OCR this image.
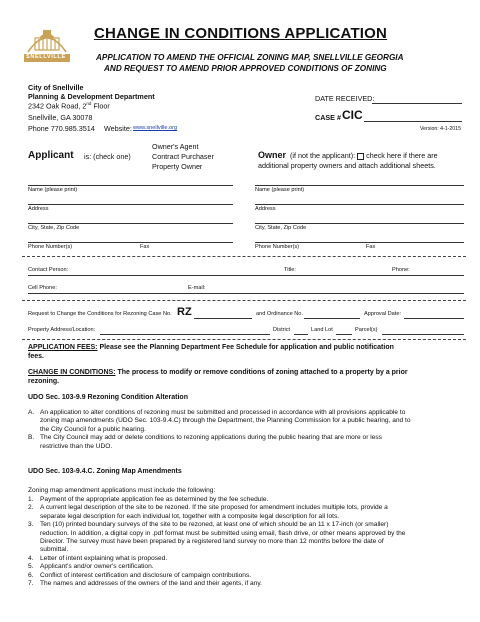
SNELLVILLE
CHANGE IN CONDITIONS APPLICATION
APPLICATION TO AMEND THE OFFICIAL ZONING MAP, SNELLVILLE GEORGIA
AND REQUEST TO AMEND PRIOR APPROVED CONDITIONS OF ZONING
City of Snellville
Planning & Development Department
2342 Oak Road, 2nd Floor
Snellville, GA 30078
Phone 770.985.3514 Website: www.snellville.org
DATE RECEIVED:
CASE # CIC
Version: 4-1-2015
Applicant is: (check one)
Owner's Agent
Contract Purchaser
Property Owner
Owner (if not the applicant): check here if there are
additional property owners and attach additional sheets.
Name (please print)
Address
City, State, Zip Code
Phone Number(s)	Fax
Name (please print)
Address
City, State, Zip Code
Phone Number(s)	Fax
Contact Person:	Title:	Phone:
Cell Phone:	E-mail:
Request to Change the Conditions for Rezoning Case No. RZ	and Ordinance No.	Approval Date:
Property Address/Location:	District	Land Lot	Parcel(s)
APPLICATION FEES: Please see the Planning Department Fee Schedule for application and public notification
fees.
CHANGE IN CONDITIONS: The process to modify or remove conditions of zoning attached to a property by a prior
rezoning.
UDO Sec. 103-9.9 Rezoning Condition Alteration
A. An application to alter conditions of rezoning must be submitted and processed in accordance with all provisions applicable to
zoning map amendments (UDO Sec. 103-9.4.C) through the Department, the Planning Commission for a public hearing, and to
the City Council for a public hearing.
B. The City Council may add or delete conditions to rezoning applications during the public hearing that are more or less
restrictive than the UDO.
UDO Sec. 103-9.4.C. Zoning Map Amendments
Zoning map amendment applications must include the following:
1. Payment of the appropriate application fee as determined by the fee schedule.
2. A current legal description of the site to be rezoned. If the site proposed for amendment includes multiple lots, provide a
separate legal description for each individual lot, together with a composite legal description for all lots.
3. Ten (10) printed boundary surveys of the site to be rezoned, at least one of which should be an 11 x 17-inch (or smaller)
reduction. In addition, a digital copy in .pdf format must be submitted using email, flash drive, or other means approved by the
Director. The survey must have been prepared by a registered land survey no more than 12 months before the date of
submittal.
4. Letter of intent explaining what is proposed.
5. Applicant's and/or owner's certification.
6. Conflict of interest certification and disclosure of campaign contributions.
7. The names and addresses of the owners of the land and their agents, if any.
